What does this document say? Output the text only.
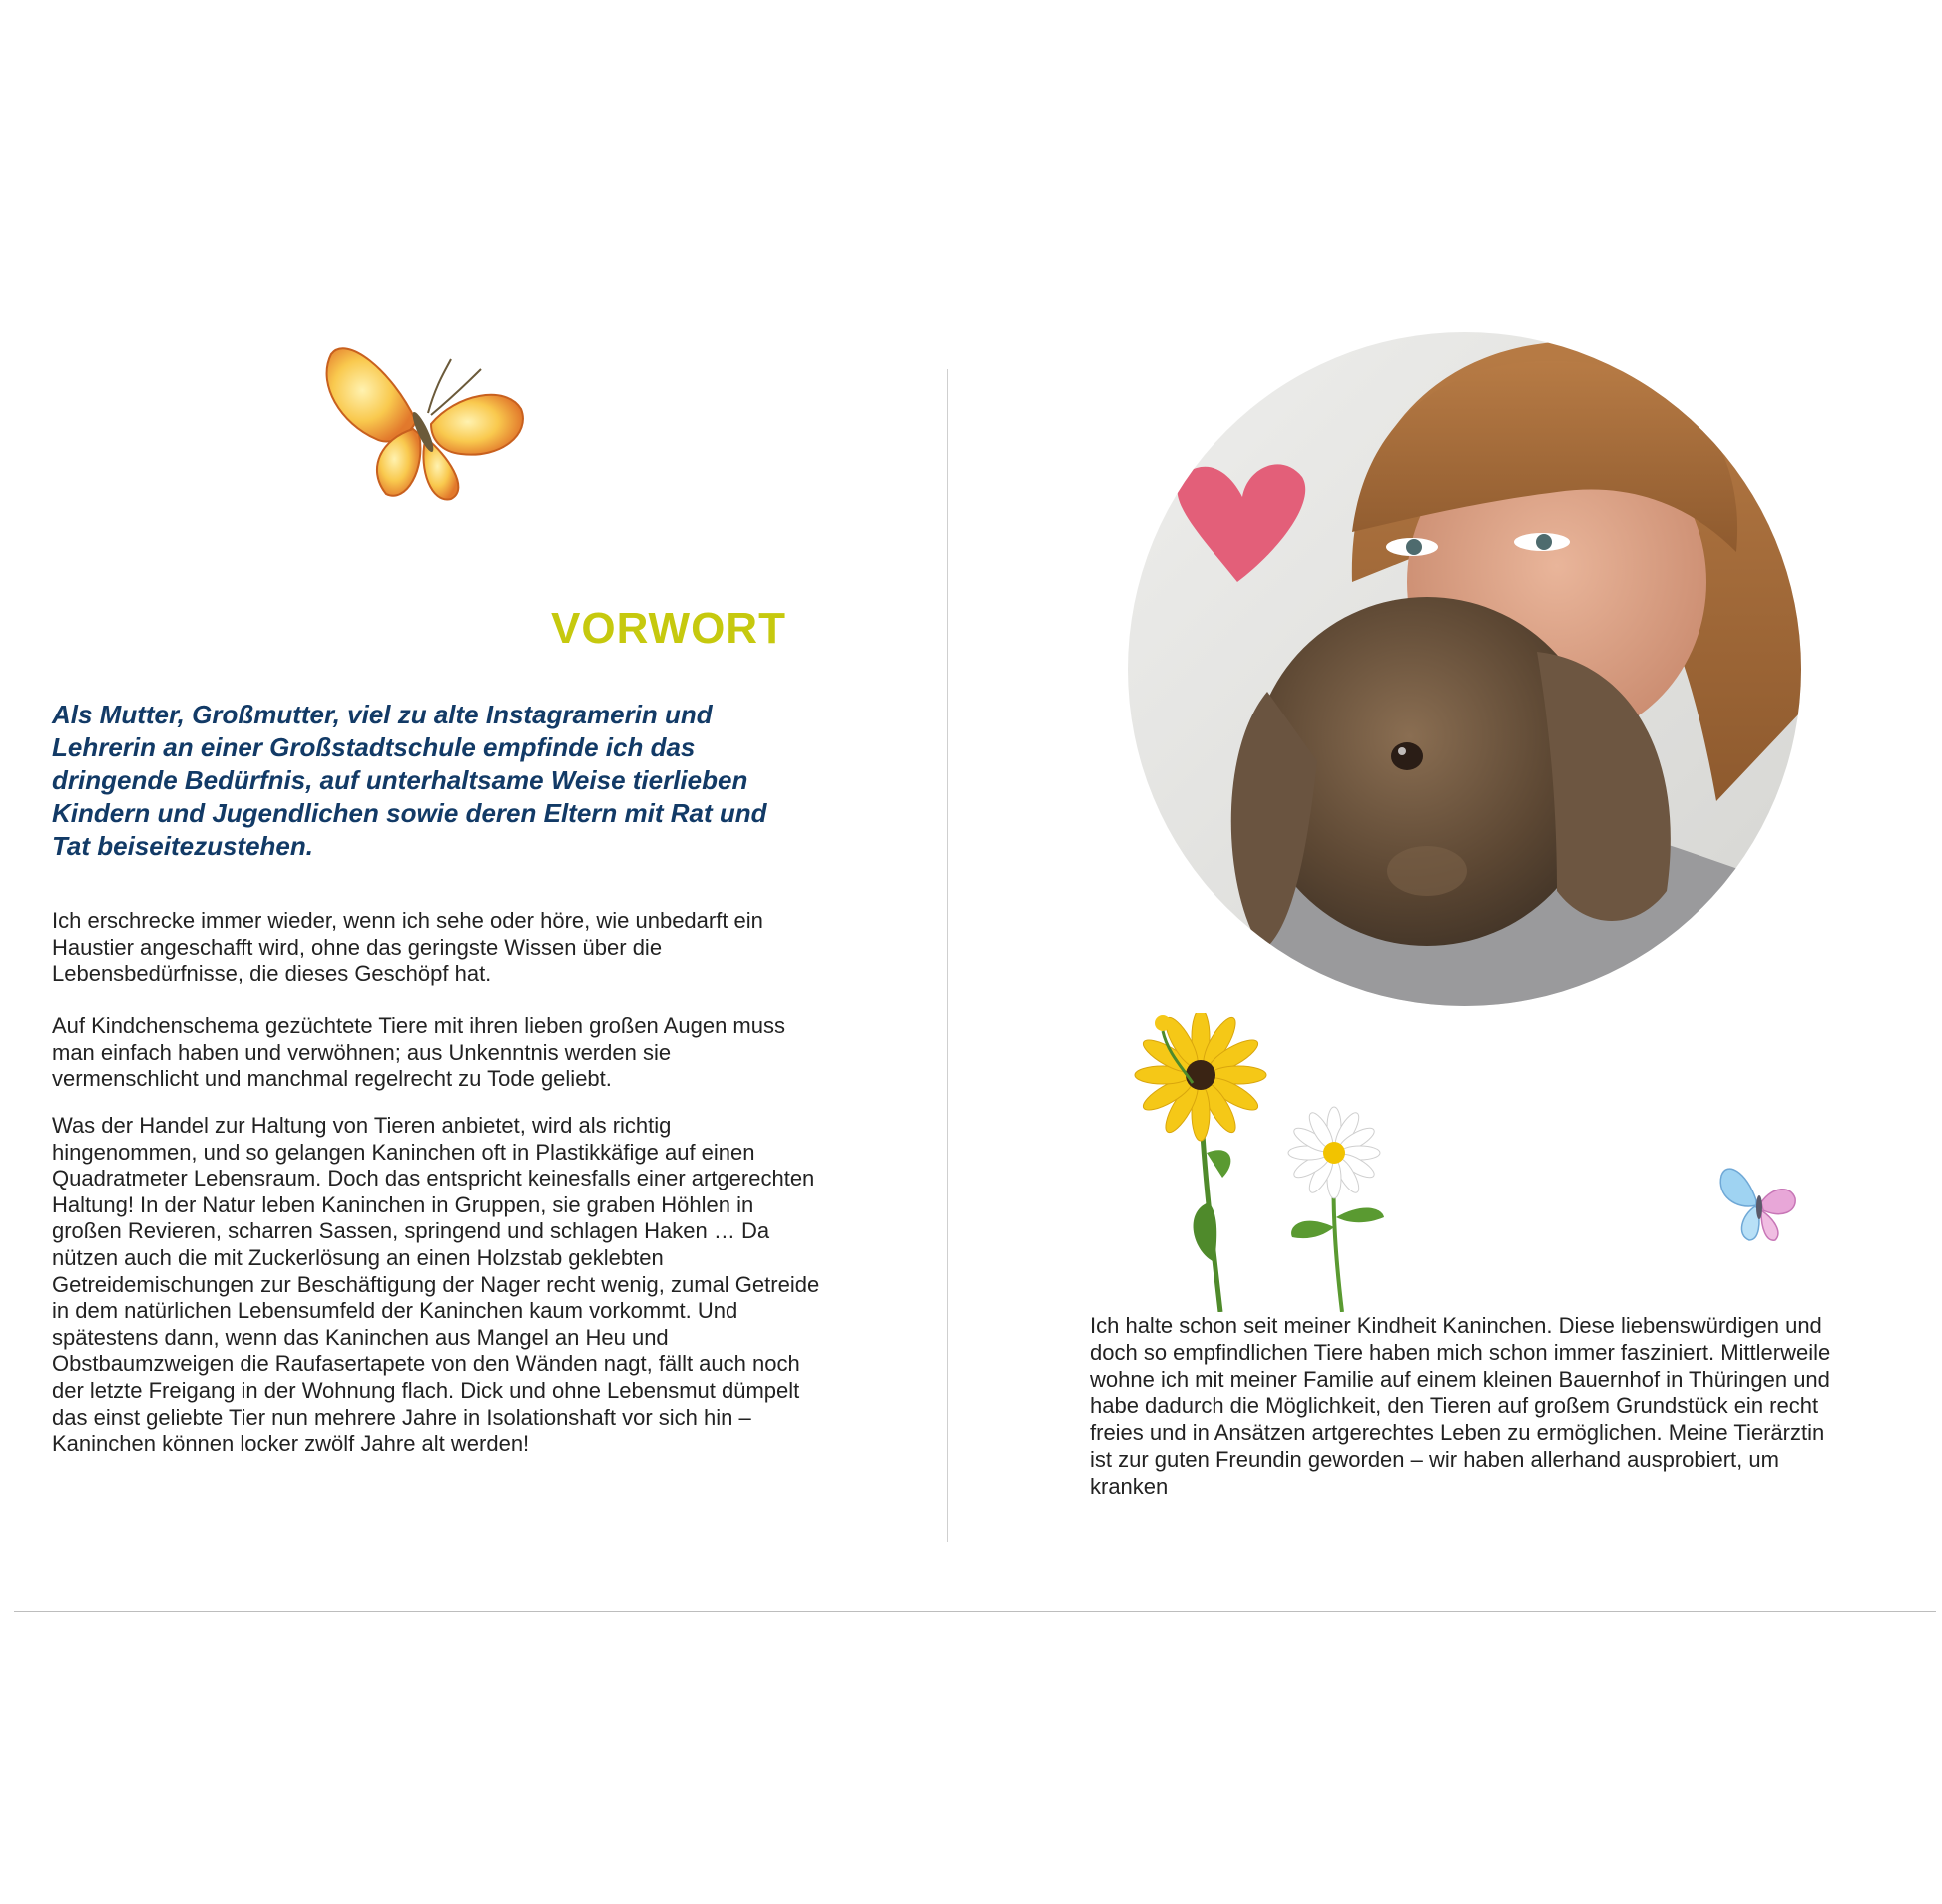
VORWORT
Als Mutter, Großmutter, viel zu alte Instagramerin und Lehrerin an einer Großstadtschule empfinde ich das dringende Bedürfnis, auf unterhaltsame Weise tierlieben Kindern und Jugendlichen sowie deren Eltern mit Rat und Tat beiseitezustehen.

Ich erschrecke immer wieder, wenn ich sehe oder höre, wie unbedarft ein Haustier angeschafft wird, ohne das geringste Wissen über die Lebensbedürfnisse, die dieses Geschöpf hat.

Auf Kindchenschema gezüchtete Tiere mit ihren lieben großen Augen muss man einfach haben und verwöhnen; aus Unkenntnis werden sie vermenschlicht und manchmal regelrecht zu Tode geliebt.

Was der Handel zur Haltung von Tieren anbietet, wird als richtig hingenommen, und so gelangen Kaninchen oft in Plastikkäfige auf einen Quadratmeter Lebensraum. Doch das entspricht keinesfalls einer artgerechten Haltung! In der Natur leben Kaninchen in Gruppen, sie graben Höhlen in großen Revieren, scharren Sassen, springend und schlagen Haken … Da nützen auch die mit Zuckerlösung an einen Holzstab geklebten Getreidemischungen zur Beschäftigung der Nager recht wenig, zumal Getreide in dem natürlichen Lebensumfeld der Kaninchen kaum vorkommt. Und spätestens dann, wenn das Kaninchen aus Mangel an Heu und Obstbaumzweigen die Raufasertapete von den Wänden nagt, fällt auch noch der letzte Freigang in der Wohnung flach. Dick und ohne Lebensmut dümpelt das einst geliebte Tier nun mehrere Jahre in Isolationshaft vor sich hin – Kaninchen können locker zwölf Jahre alt werden!

Ich halte schon seit meiner Kindheit Kaninchen. Diese liebenswürdigen und doch so empfindlichen Tiere haben mich schon immer fasziniert. Mittlerweile wohne ich mit meiner Familie auf einem kleinen Bauernhof in Thüringen und habe dadurch die Möglichkeit, den Tieren auf großem Grundstück ein recht freies und in Ansätzen artgerechtes Leben zu ermöglichen. Meine Tierärztin ist zur guten Freundin geworden – wir haben allerhand ausprobiert, um kranken
